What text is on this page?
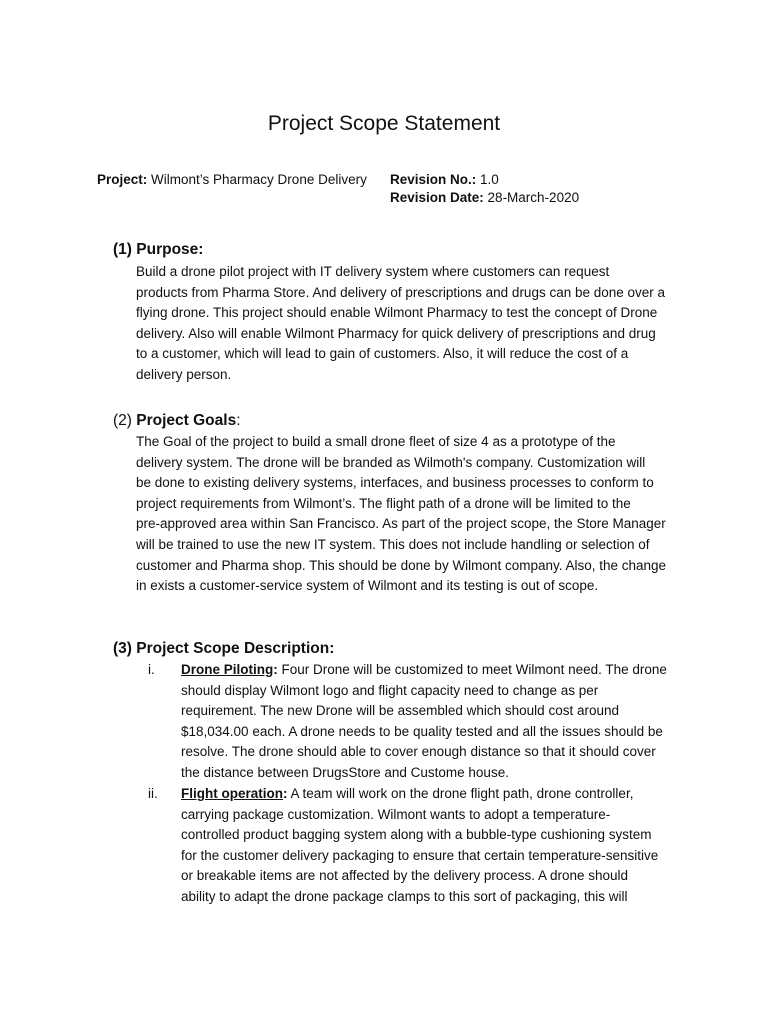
Project Scope Statement
Project: Wilmont’s Pharmacy Drone Delivery Revision No.: 1.0
Revision Date: 28-March-2020
(1) Purpose:
Build a drone pilot project with IT delivery system where customers can request
products from Pharma Store. And delivery of prescriptions and drugs can be done over a
flying drone. This project should enable Wilmont Pharmacy to test the concept of Drone
delivery. Also will enable Wilmont Pharmacy for quick delivery of prescriptions and drug
to a customer, which will lead to gain of customers. Also, it will reduce the cost of a
delivery person.
(2) Project Goals:
The Goal of the project to build a small drone fleet of size 4 as a prototype of the
delivery system. The drone will be branded as Wilmoth's company. Customization will
be done to existing delivery systems, interfaces, and business processes to conform to
project requirements from Wilmont’s. The flight path of a drone will be limited to the
pre-approved area within San Francisco. As part of the project scope, the Store Manager
will be trained to use the new IT system. This does not include handling or selection of
customer and Pharma shop. This should be done by Wilmont company. Also, the change
in exists a customer-service system of Wilmont and its testing is out of scope.
(3) Project Scope Description:
i. Drone Piloting: Four Drone will be customized to meet Wilmont need. The drone
should display Wilmont logo and flight capacity need to change as per
requirement. The new Drone will be assembled which should cost around
$18,034.00 each. A drone needs to be quality tested and all the issues should be
resolve. The drone should able to cover enough distance so that it should cover
the distance between DrugsStore and Custome house.
ii. Flight operation: A team will work on the drone flight path, drone controller,
carrying package customization. Wilmont wants to adopt a temperature-
controlled product bagging system along with a bubble-type cushioning system
for the customer delivery packaging to ensure that certain temperature-sensitive
or breakable items are not affected by the delivery process. A drone should
ability to adapt the drone package clamps to this sort of packaging, this will
